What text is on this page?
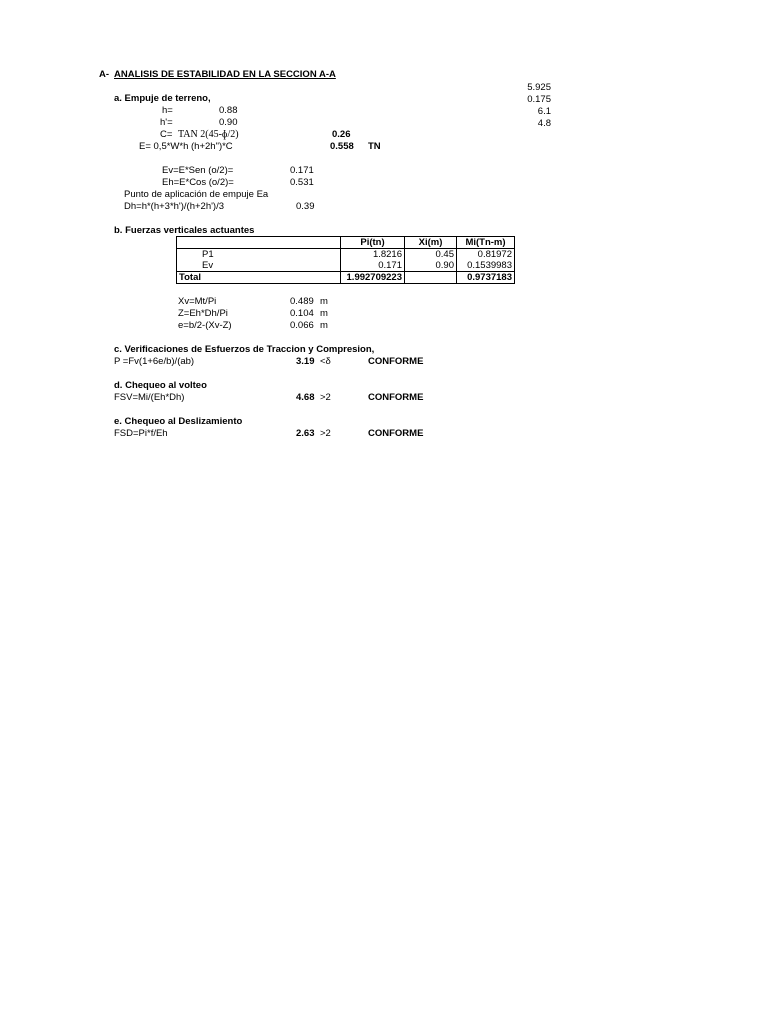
A- ANALISIS DE ESTABILIDAD EN LA SECCION A-A
5.925
0.175
6.1
4.8
a. Empuje de terreno,
h=	0.88
h'=	0.90
C= TAN 2(45-ɸ/2)	0.26
E= 0,5*W*h (h+2h")*C	0.558 TN
Ev=E*Sen (o/2)=	0.171
Eh=E*Cos (o/2)=	0.531
Punto de aplicación de empuje Ea
Dh=h*(h+3*h')/(h+2h')/3	0.39
b. Fuerzas verticales actuantes
	Pi(tn)	Xi(m)	Mi(Tn-m)
P1	1.8216	0.45	0.81972
Ev	0.171	0.90	0.1539983
Total	1.992709223		0.9737183
Xv=Mt/Pi	0.489 m
Z=Eh*Dh/Pi	0.104 m
e=b/2-(Xv-Z)	0.066 m
c. Verificaciones de Esfuerzos de Traccion y Compresion,
P =Fv(1+6e/b)/(ab)	3.19 <δ	CONFORME
d. Chequeo al volteo
FSV=Mi/(Eh*Dh)	4.68 >2	CONFORME
e. Chequeo al Deslizamiento
FSD=Pi*f/Eh	2.63 >2	CONFORME
